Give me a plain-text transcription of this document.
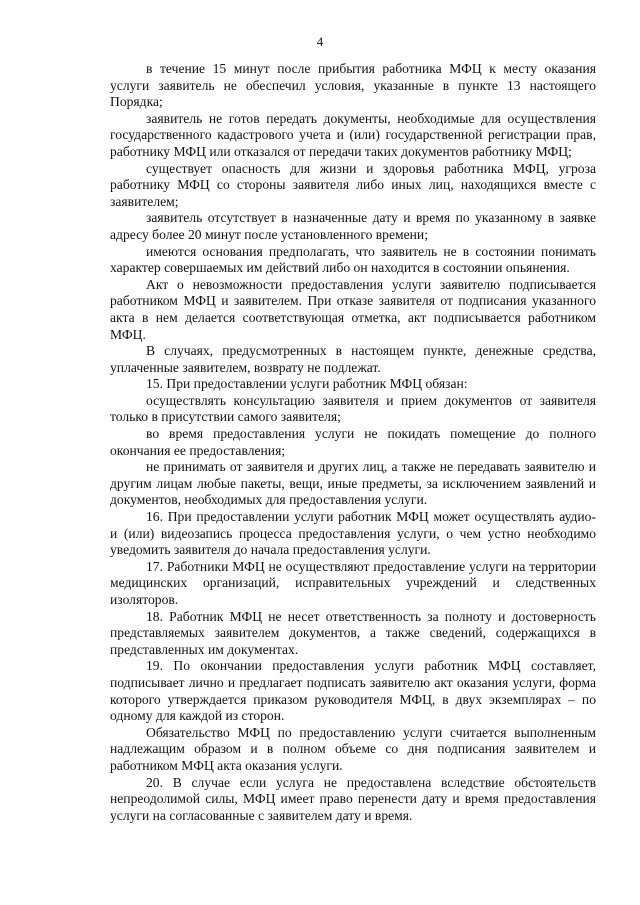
4

в течение 15 минут после прибытия работника МФЦ к месту оказания услуги заявитель не обеспечил условия, указанные в пункте 13 настоящего Порядка;

заявитель не готов передать документы, необходимые для осуществления государственного кадастрового учета и (или) государственной регистрации прав, работнику МФЦ или отказался от передачи таких документов работнику МФЦ;

существует опасность для жизни и здоровья работника МФЦ, угроза работнику МФЦ со стороны заявителя либо иных лиц, находящихся вместе с заявителем;

заявитель отсутствует в назначенные дату и время по указанному в заявке адресу более 20 минут после установленного времени;

имеются основания предполагать, что заявитель не в состоянии понимать характер совершаемых им действий либо он находится в состоянии опьянения.

Акт о невозможности предоставления услуги заявителю подписывается работником МФЦ и заявителем. При отказе заявителя от подписания указанного акта в нем делается соответствующая отметка, акт подписывается работником МФЦ.

В случаях, предусмотренных в настоящем пункте, денежные средства, уплаченные заявителем, возврату не подлежат.

15. При предоставлении услуги работник МФЦ обязан:

осуществлять консультацию заявителя и прием документов от заявителя только в присутствии самого заявителя;

во время предоставления услуги не покидать помещение до полного окончания ее предоставления;

не принимать от заявителя и других лиц, а также не передавать заявителю и другим лицам любые пакеты, вещи, иные предметы, за исключением заявлений и документов, необходимых для предоставления услуги.

16. При предоставлении услуги работник МФЦ может осуществлять аудио- и (или) видеозапись процесса предоставления услуги, о чем устно необходимо уведомить заявителя до начала предоставления услуги.

17. Работники МФЦ не осуществляют предоставление услуги на территории медицинских организаций, исправительных учреждений и следственных изоляторов.

18. Работник МФЦ не несет ответственность за полноту и достоверность представляемых заявителем документов, а также сведений, содержащихся в представленных им документах.

19. По окончании предоставления услуги работник МФЦ составляет, подписывает лично и предлагает подписать заявителю акт оказания услуги, форма которого утверждается приказом руководителя МФЦ, в двух экземплярах – по одному для каждой из сторон.

Обязательство МФЦ по предоставлению услуги считается выполненным надлежащим образом и в полном объеме со дня подписания заявителем и работником МФЦ акта оказания услуги.

20. В случае если услуга не предоставлена вследствие обстоятельств непреодолимой силы, МФЦ имеет право перенести дату и время предоставления услуги на согласованные с заявителем дату и время.
